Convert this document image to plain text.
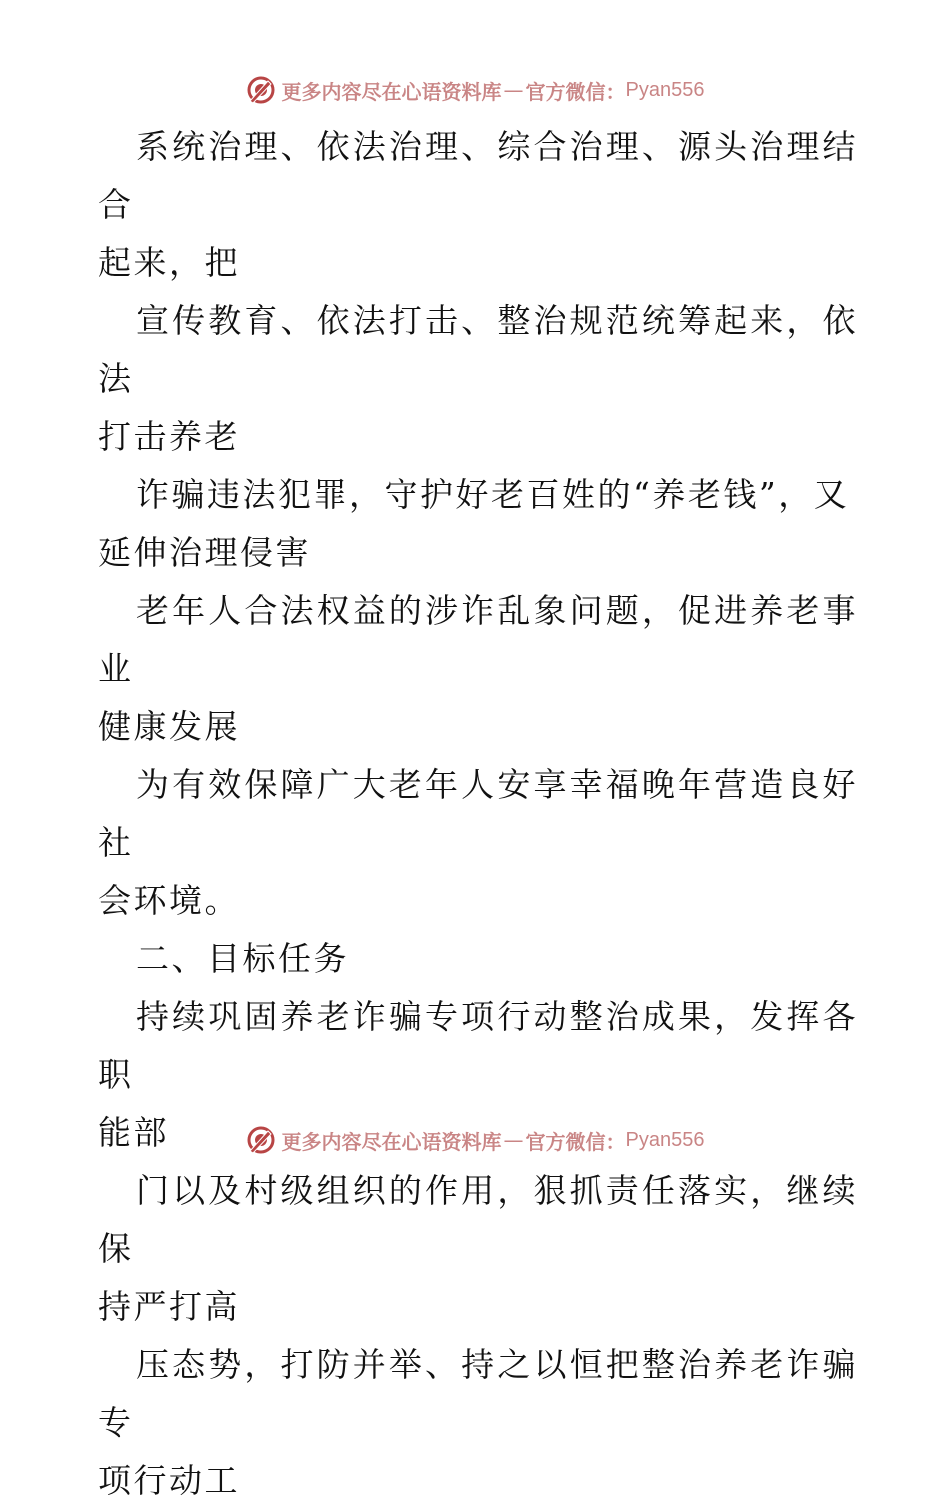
更多内容尽在心语资料库 — 官方微信： Pyan556

系统治理、依法治理、综合治理、源头治理结合
起来，把

宣传教育、依法打击、整治规范统筹起来，依法
打击养老

诈骗违法犯罪，守护好老百姓的“养老钱”，又
延伸治理侵害

老年人合法权益的涉诈乱象问题，促进养老事业
健康发展

为有效保障广大老年人安享幸福晚年营造良好社
会环境。

二、目标任务

持续巩固养老诈骗专项行动整治成果，发挥各职
能部

门以及村级组织的作用，狠抓责任落实，继续保
持严打高

压态势，打防并举、持之以恒把整治养老诈骗专
项行动工

更多内容尽在心语资料库 — 官方微信： Pyan556
